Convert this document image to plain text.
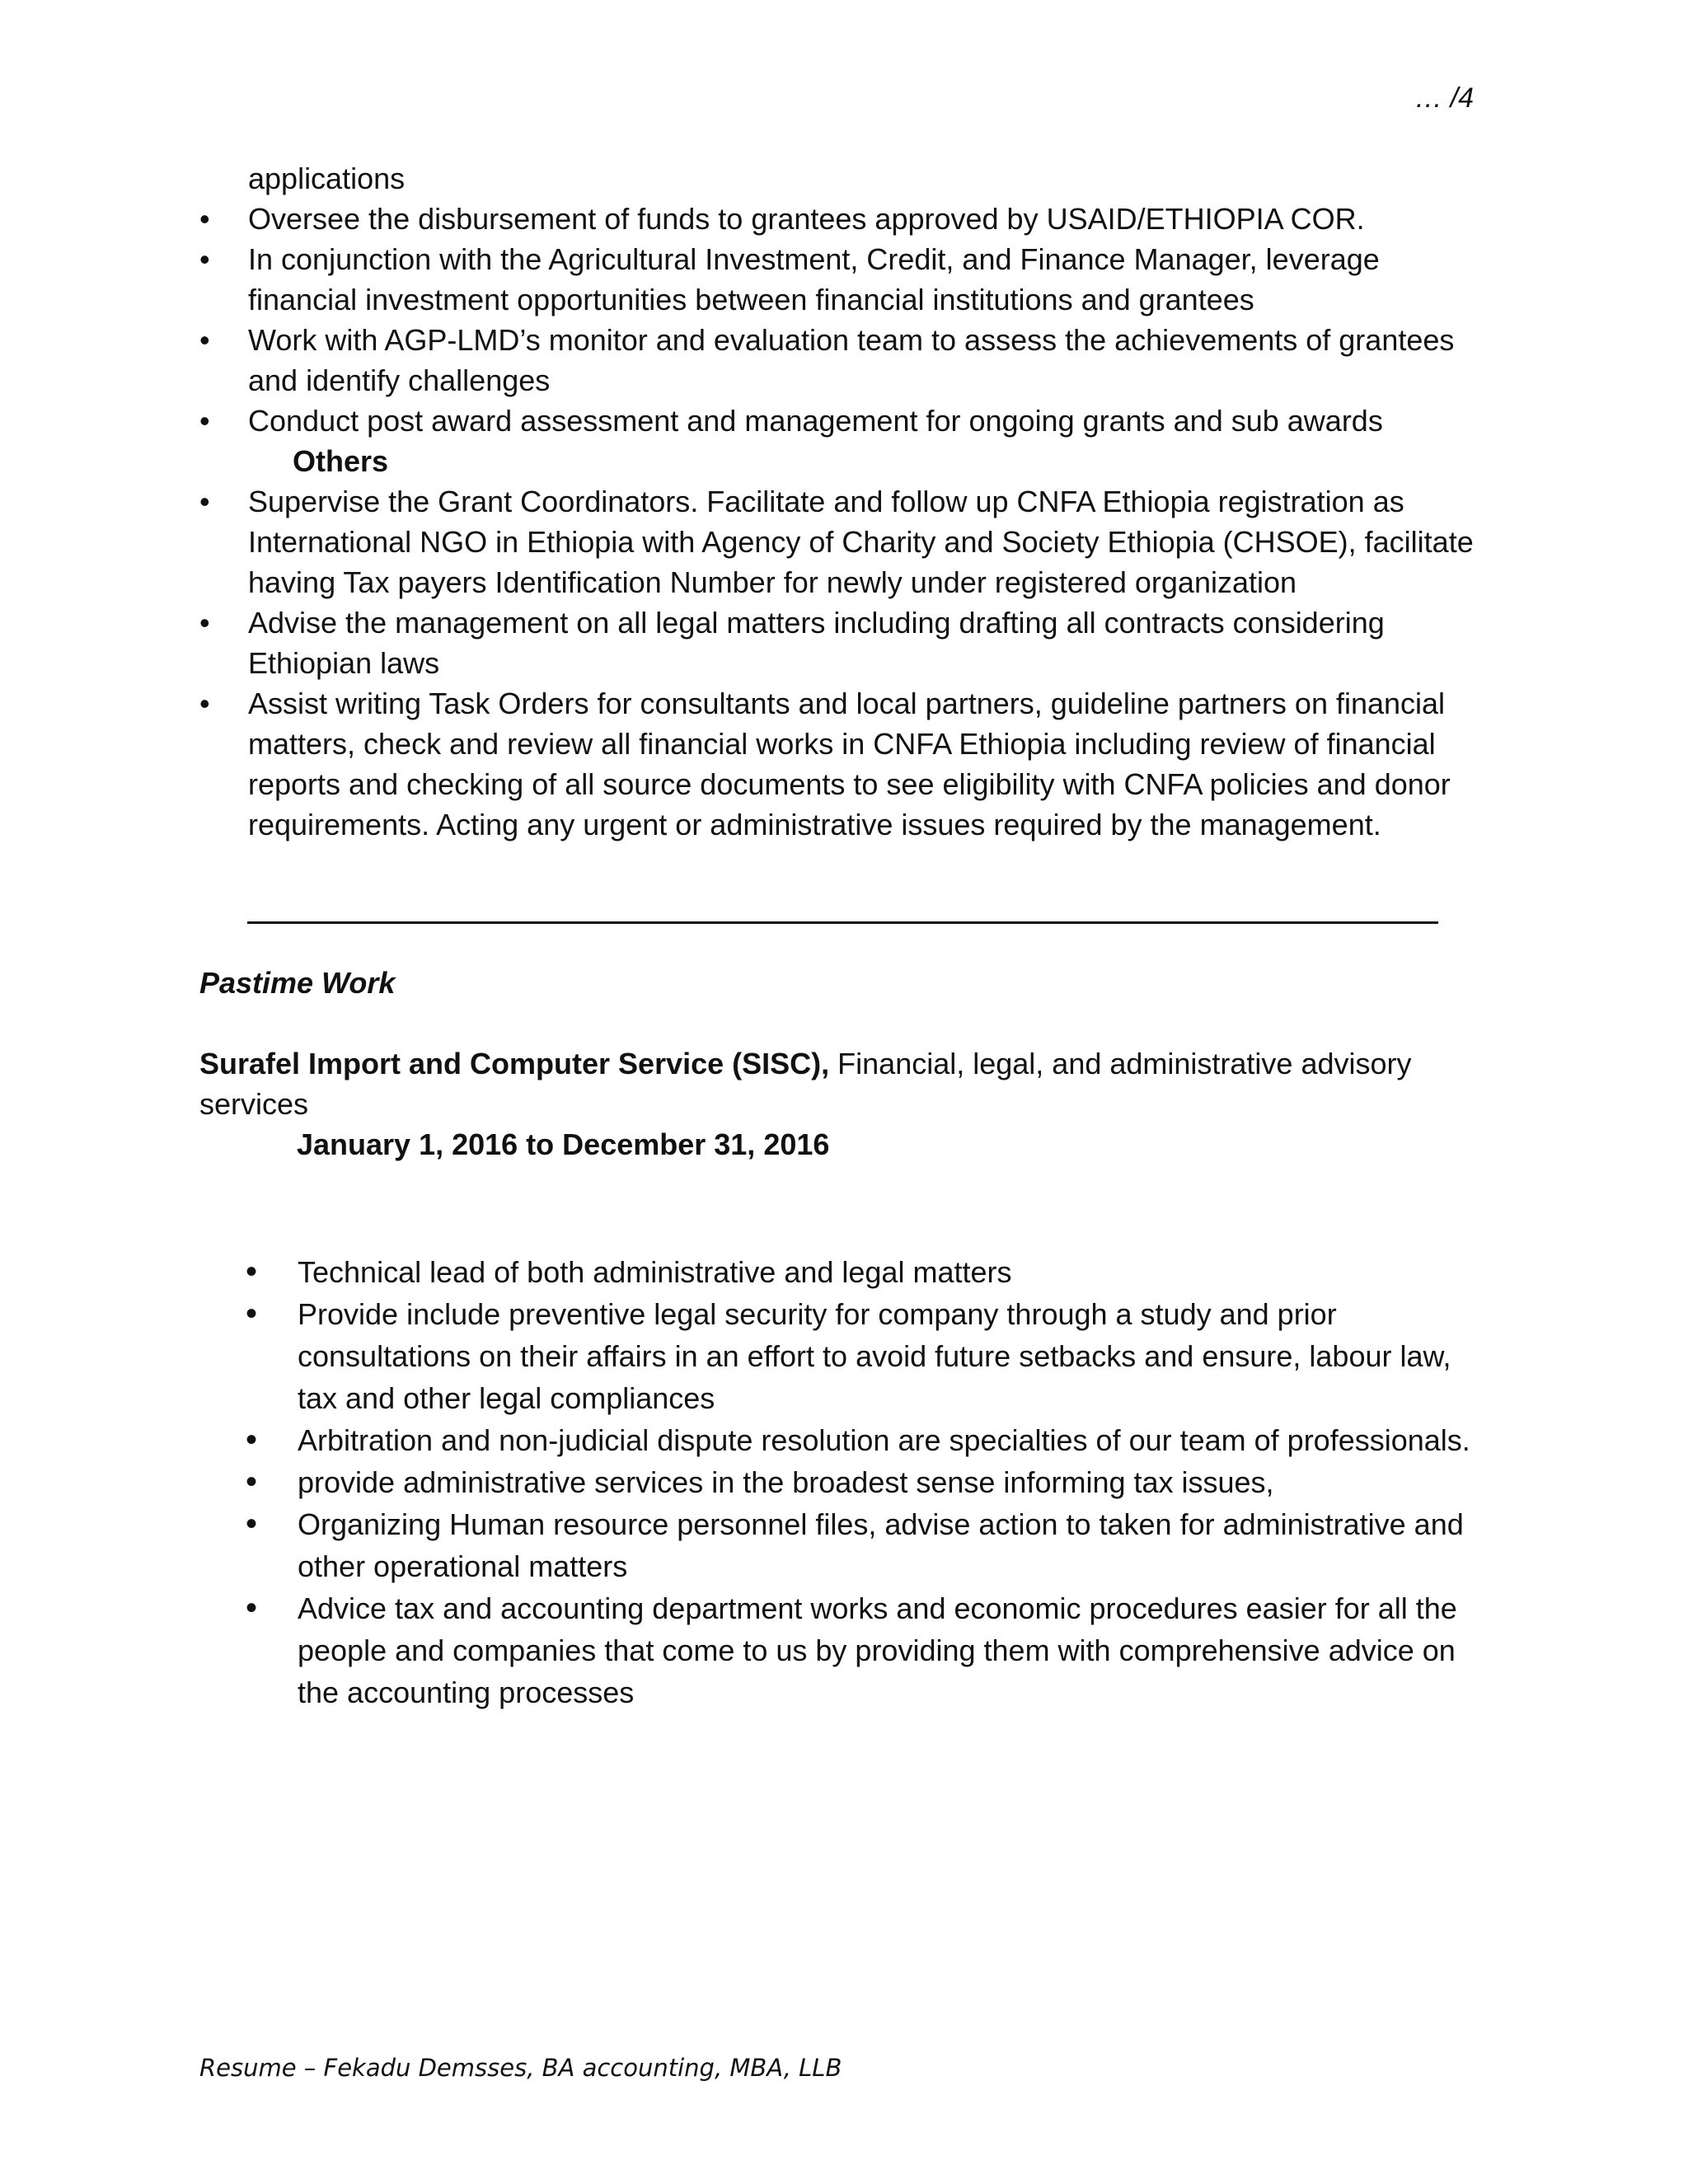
… /4
applications
•	Oversee the disbursement of funds to grantees approved by USAID/ETHIOPIA COR.
•	In conjunction with the Agricultural Investment, Credit, and Finance Manager, leverage financial investment opportunities between financial institutions and grantees
•	Work with AGP-LMD’s monitor and evaluation team to assess the achievements of grantees and identify challenges
•	Conduct post award assessment and management for ongoing grants and sub awards
Others
•	Supervise the Grant Coordinators. Facilitate and follow up CNFA Ethiopia registration as International NGO in Ethiopia with Agency of Charity and Society Ethiopia (CHSOE), facilitate having Tax payers Identification Number for newly under registered organization
•	Advise the management on all legal matters including drafting all contracts considering Ethiopian laws
•	Assist writing Task Orders for consultants and local partners, guideline partners on financial matters, check and review all financial works in CNFA Ethiopia including review of financial reports and checking of all source documents to see eligibility with CNFA policies and donor requirements. Acting any urgent or administrative issues required by the management.
Pastime Work
Surafel Import and Computer Service (SISC), Financial, legal, and administrative advisory services
January 1, 2016 to December 31, 2016
•	Technical lead of both administrative and legal matters
•	Provide include preventive legal security for company through a study and prior consultations on their affairs in an effort to avoid future setbacks and ensure, labour law, tax and other legal compliances
•	Arbitration and non-judicial dispute resolution are specialties of our team of professionals.
•	provide administrative services in the broadest sense informing tax issues,
•	Organizing Human resource personnel files, advise action to taken for administrative and other operational matters
•	Advice tax and accounting department works and economic procedures easier for all the people and companies that come to us by providing them with comprehensive advice on the accounting processes
Resume – Fekadu Demsses, BA accounting, MBA, LLB
